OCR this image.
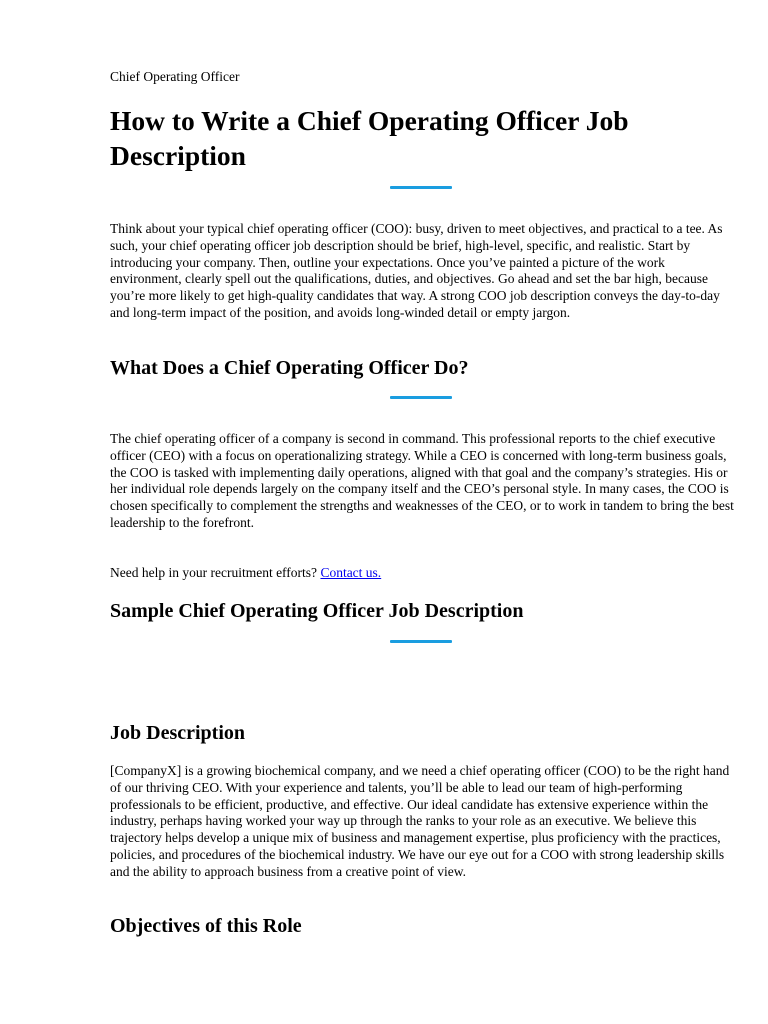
Chief Operating Officer
How to Write a Chief Operating Officer Job Description

Think about your typical chief operating officer (COO): busy, driven to meet objectives, and practical to a tee. As such, your chief operating officer job description should be brief, high-level, specific, and realistic. Start by introducing your company. Then, outline your expectations. Once you’ve painted a picture of the work environment, clearly spell out the qualifications, duties, and objectives. Go ahead and set the bar high, because you’re more likely to get high-quality candidates that way. A strong COO job description conveys the day-to-day and long-term impact of the position, and avoids long-winded detail or empty jargon.

What Does a Chief Operating Officer Do?

The chief operating officer of a company is second in command. This professional reports to the chief executive officer (CEO) with a focus on operationalizing strategy. While a CEO is concerned with long-term business goals, the COO is tasked with implementing daily operations, aligned with that goal and the company’s strategies. His or her individual role depends largely on the company itself and the CEO’s personal style. In many cases, the COO is chosen specifically to complement the strengths and weaknesses of the CEO, or to work in tandem to bring the best leadership to the forefront.

Need help in your recruitment efforts? Contact us.

Sample Chief Operating Officer Job Description
Job Description

[CompanyX] is a growing biochemical company, and we need a chief operating officer (COO) to be the right hand of our thriving CEO. With your experience and talents, you’ll be able to lead our team of high-performing professionals to be efficient, productive, and effective. Our ideal candidate has extensive experience within the industry, perhaps having worked your way up through the ranks to your role as an executive. We believe this trajectory helps develop a unique mix of business and management expertise, plus proficiency with the practices, policies, and procedures of the biochemical industry. We have our eye out for a COO with strong leadership skills and the ability to approach business from a creative point of view.

Objectives of this Role
